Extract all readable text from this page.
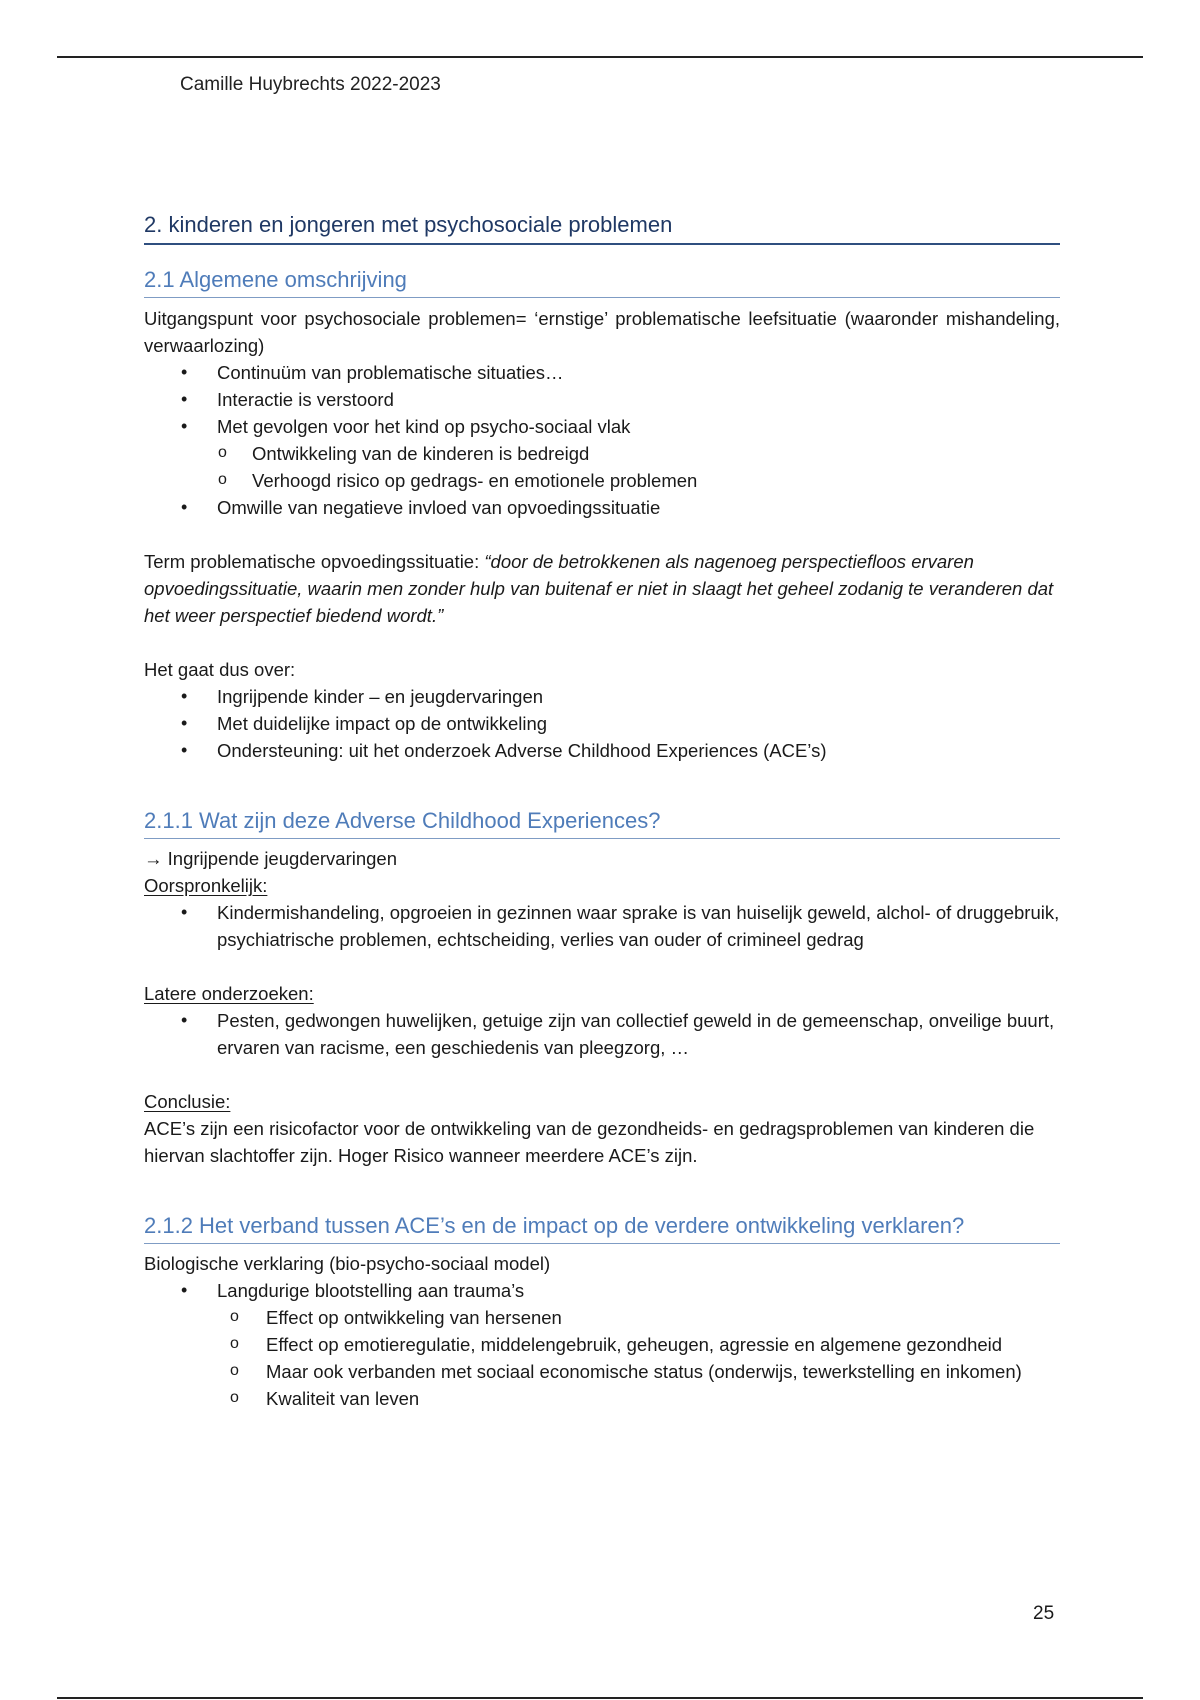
Camille Huybrechts 2022-2023
2. kinderen en jongeren met psychosociale problemen
2.1 Algemene omschrijving

Uitgangspunt voor psychosociale problemen= ‘ernstige’ problematische leefsituatie (waaronder mishandeling, verwaarlozing)

• Continuüm van problematische situaties…
• Interactie is verstoord
• Met gevolgen voor het kind op psycho-sociaal vlak
o Ontwikkeling van de kinderen is bedreigd
o Verhoogd risico op gedrags- en emotionele problemen
• Omwille van negatieve invloed van opvoedingssituatie

Term problematische opvoedingssituatie: “door de betrokkenen als nagenoeg perspectiefloos ervaren opvoedingssituatie, waarin men zonder hulp van buitenaf er niet in slaagt het geheel zodanig te veranderen dat het weer perspectief biedend wordt.”

Het gaat dus over:

• Ingrijpende kinder – en jeugdervaringen
• Met duidelijke impact op de ontwikkeling
• Ondersteuning: uit het onderzoek Adverse Childhood Experiences (ACE’s)
2.1.1 Wat zijn deze Adverse Childhood Experiences?

→ Ingrijpende jeugdervaringen

Oorspronkelijk:

• Kindermishandeling, opgroeien in gezinnen waar sprake is van huiselijk geweld, alchol- of druggebruik, psychiatrische problemen, echtscheiding, verlies van ouder of crimineel gedrag

Latere onderzoeken:

• Pesten, gedwongen huwelijken, getuige zijn van collectief geweld in de gemeenschap, onveilige buurt, ervaren van racisme, een geschiedenis van pleegzorg, …

Conclusie:

ACE’s zijn een risicofactor voor de ontwikkeling van de gezondheids- en gedragsproblemen van kinderen die hiervan slachtoffer zijn. Hoger Risico wanneer meerdere ACE’s zijn.

2.1.2 Het verband tussen ACE’s en de impact op de verdere ontwikkeling verklaren?

Biologische verklaring (bio-psycho-sociaal model)

• Langdurige blootstelling aan trauma’s
o Effect op ontwikkeling van hersenen
o Effect op emotieregulatie, middelengebruik, geheugen, agressie en algemene gezondheid
o Maar ook verbanden met sociaal economische status (onderwijs, tewerkstelling en inkomen)
o Kwaliteit van leven
25
